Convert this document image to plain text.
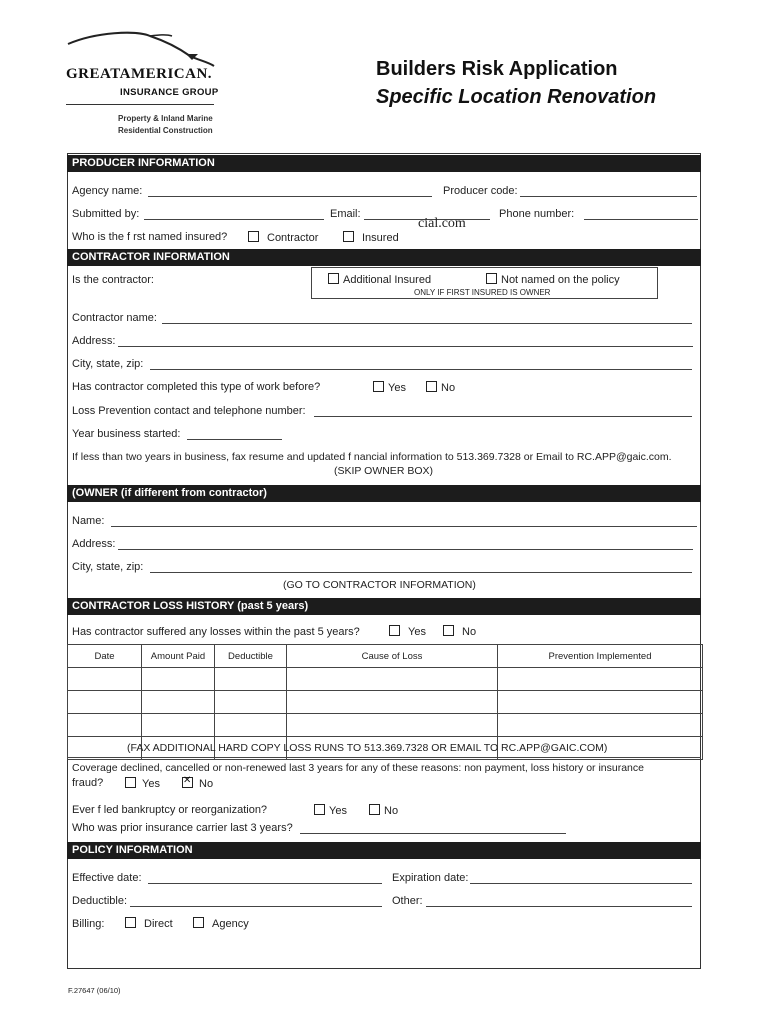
GREATAMERICAN.
INSURANCE GROUP
Property & Inland Marine
Residential Construction
Builders Risk Application
Specific Location Renovation
PRODUCER INFORMATION
Agency name:	Producer code:
Submitted by:	Email:
cial.com
Phone number:
Who is the f rst named insured?	Contractor	Insured
CONTRACTOR INFORMATION
Is the contractor:	Additional Insured	Not named on the policy
ONLY IF FIRST INSURED IS OWNER
Contractor name:
Address:
City, state, zip:
Has contractor completed this type of work before?	Yes	No
Loss Prevention contact and telephone number:
Year business started:
If less than two years in business, fax resume and updated f nancial information to 513.369.7328 or Email to RC.APP@gaic.com.
(SKIP OWNER BOX)
(OWNER (if different from contractor)
Name:
Address:
City, state, zip:
(GO TO CONTRACTOR INFORMATION)
CONTRACTOR LOSS HISTORY (past 5 years)
Has contractor suffered any losses within the past 5 years?	Yes	No
Date	Amount Paid	Deductible	Cause of Loss	Prevention Implemented

(FAX ADDITIONAL HARD COPY LOSS RUNS TO 513.369.7328 OR EMAIL TO RC.APP@GAIC.COM)
Coverage declined, cancelled or non-renewed last 3 years for any of these reasons: non payment, loss history or insurance
fraud?	Yes ✕	No
Ever f led bankruptcy or reorganization?	Yes	No
Who was prior insurance carrier last 3 years?
POLICY INFORMATION
Effective date:	Expiration date:
Deductible:	Other:
Billing:	Direct	Agency
F.27647 (06/10)
